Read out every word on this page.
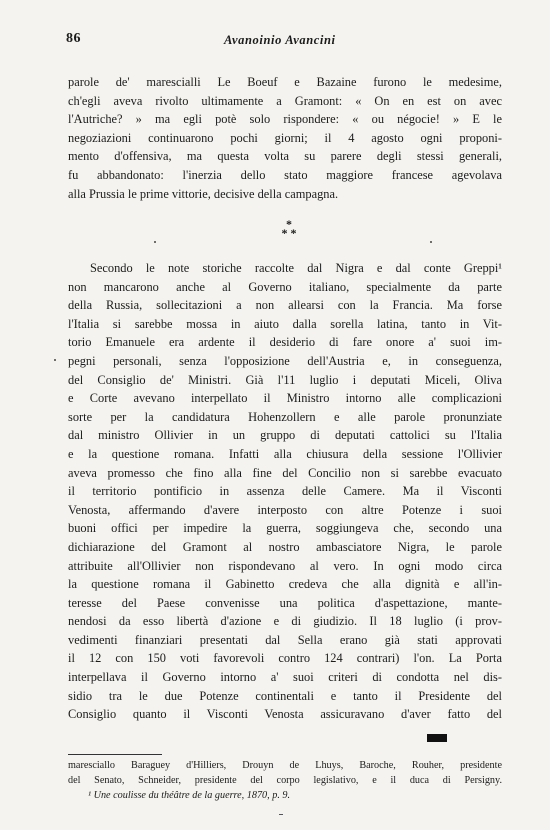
86	Avanoinio Avancini
parole de' marescialli Le Boeuf e Bazaine furono le medesime,
ch'egli aveva rivolto ultimamente a Gramont: « On en est on avec
l'Autriche? » ma egli potè solo rispondere: « ou négocie! » E le
negoziazioni continuarono pochi giorni; il 4 agosto ogni proponi-
mento d'offensiva, ma questa volta su parere degli stessi generali,
fu abbandonato: l'inerzia dello stato maggiore francese agevolava
alla Prussia le prime vittorie, decisive della campagna.
*
* *
Secondo le note storiche raccolte dal Nigra e dal conte Greppi¹
non mancarono anche al Governo italiano, specialmente da parte
della Russia, sollecitazioni a non allearsi con la Francia. Ma forse
l'Italia si sarebbe mossa in aiuto dalla sorella latina, tanto in Vit-
torio Emanuele era ardente il desiderio di fare onore a' suoi im-
pegni personali, senza l'opposizione dell'Austria e, in conseguenza,
del Consiglio de' Ministri. Già l'11 luglio i deputati Miceli, Oliva
e Corte avevano interpellato il Ministro intorno alle complicazioni
sorte per la candidatura Hohenzollern e alle parole pronunziate
dal ministro Ollivier in un gruppo di deputati cattolici su l'Italia
e la questione romana. Infatti alla chiusura della sessione l'Ollivier
aveva promesso che fino alla fine del Concilio non si sarebbe evacuato
il territorio pontificio in assenza delle Camere. Ma il Visconti
Venosta, affermando d'avere interposto con altre Potenze i suoi
buoni offici per impedire la guerra, soggiungeva che, secondo una
dichiarazione del Gramont al nostro ambasciatore Nigra, le parole
attribuite all'Ollivier non rispondevano al vero. In ogni modo circa
la questione romana il Gabinetto credeva che alla dignità e all'in-
teresse del Paese convenisse una politica d'aspettazione, mante-
nendosi da esso libertà d'azione e di giudizio. Il 18 luglio (i prov-
vedimenti finanziari presentati dal Sella erano già stati approvati
il 12 con 150 voti favorevoli contro 124 contrari) l'on. La Porta
interpellava il Governo intorno a' suoi criteri di condotta nel dis-
sidio tra le due Potenze continentali e tanto il Presidente del
Consiglio quanto il Visconti Venosta assicuravano d'aver fatto del
maresciallo Baraguey d'Hilliers, Drouyn de Lhuys, Baroche, Rouher, presidente
del Senato, Schneider, presidente del corpo legislativo, e il duca di Persigny.
¹ Une coulisse du théâtre de la guerre, 1870, p. 9.
